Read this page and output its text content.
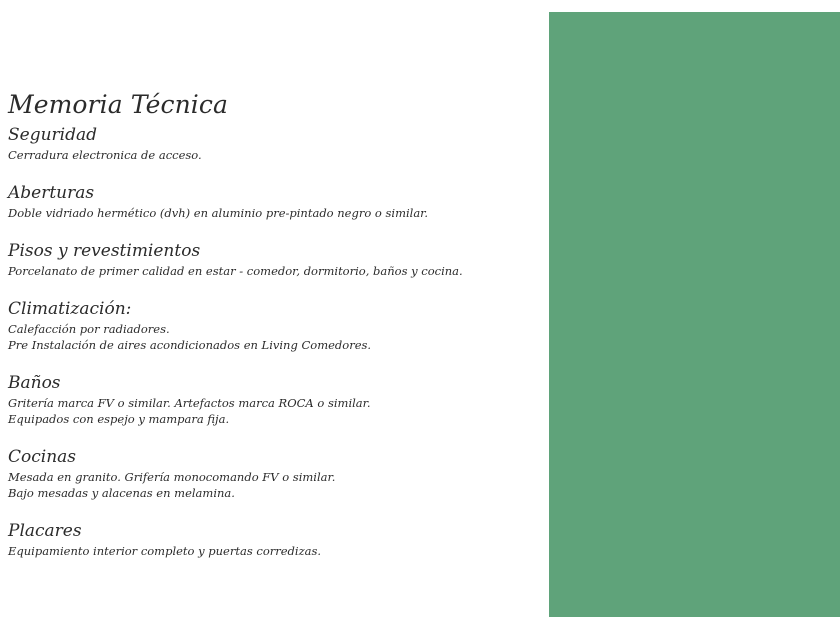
Memoria Técnica
Seguridad

Cerradura electronica de acceso.

Aberturas

Doble vidriado hermético (dvh) en aluminio pre-pintado negro o similar.

Pisos y revestimientos

Porcelanato de primer calidad en estar - comedor, dormitorio, baños y cocina.

Climatización:

Calefacción por radiadores.

Pre Instalación de aires acondicionados en Living Comedores.

Baños

Gritería marca FV o similar. Artefactos marca ROCA o similar.

Equipados con espejo y mampara fija.

Cocinas

Mesada en granito. Grifería monocomando FV o similar.

Bajo mesadas y alacenas en melamina.

Placares

Equipamiento interior completo y puertas corredizas.
